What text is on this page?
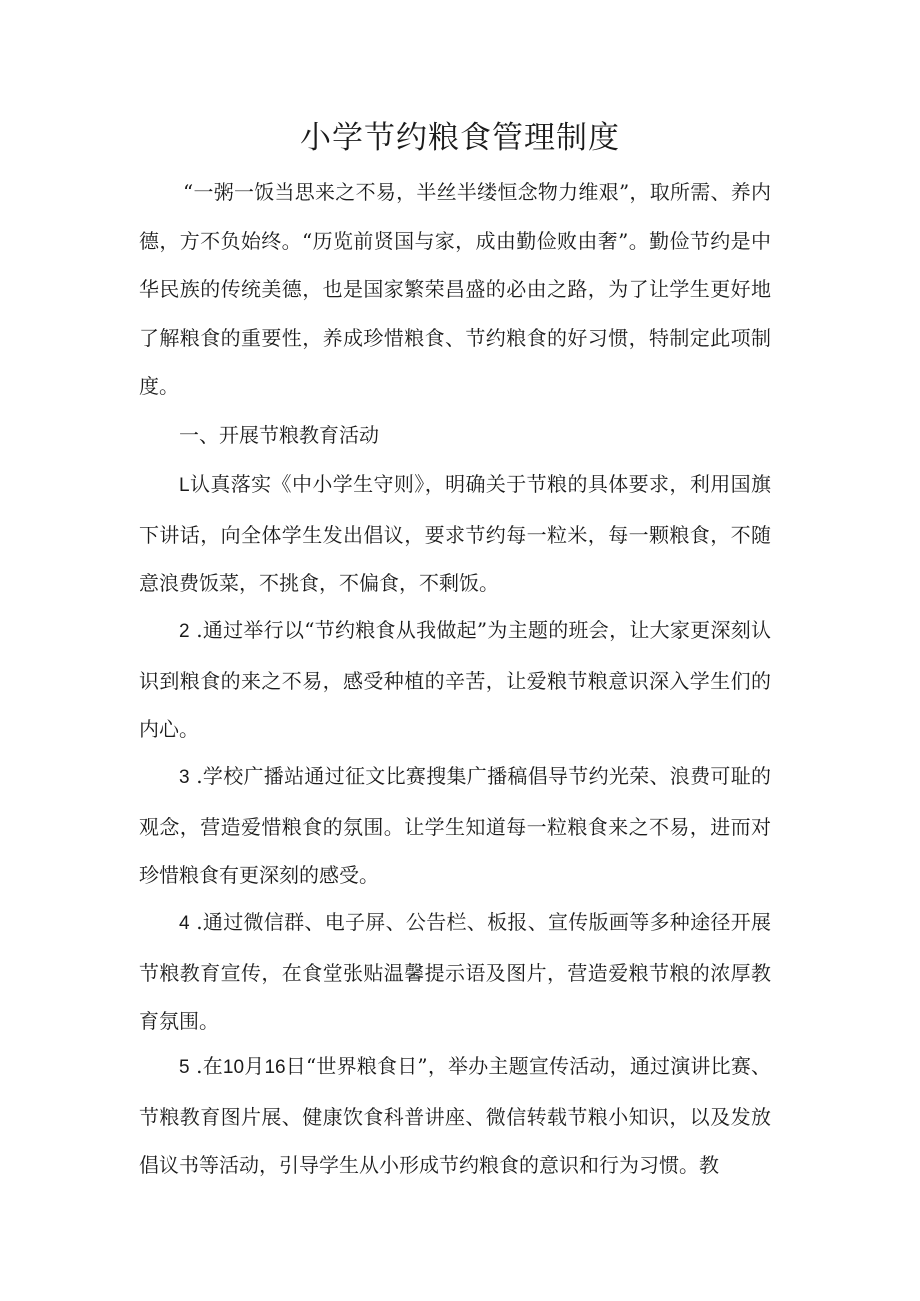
小学节约粮食管理制度

“一粥一饭当思来之不易，半丝半缕恒念物力维艰”，取所需、养内德，方不负始终。“历览前贤国与家，成由勤俭败由奢”。勤俭节约是中华民族的传统美德，也是国家繁荣昌盛的必由之路，为了让学生更好地了解粮食的重要性，养成珍惜粮食、节约粮食的好习惯，特制定此项制度。

一、开展节粮教育活动

L认真落实《中小学生守则》，明确关于节粮的具体要求，利用国旗下讲话，向全体学生发出倡议，要求节约每一粒米，每一颗粮食，不随意浪费饭菜，不挑食，不偏食，不剩饭。

2 .通过举行以“节约粮食从我做起”为主题的班会，让大家更深刻认识到粮食的来之不易，感受种植的辛苦，让爱粮节粮意识深入学生们的内心。

3 .学校广播站通过征文比赛搜集广播稿倡导节约光荣、浪费可耻的观念，营造爱惜粮食的氛围。让学生知道每一粒粮食来之不易，进而对珍惜粮食有更深刻的感受。

4 .通过微信群、电子屏、公告栏、板报、宣传版画等多种途径开展节粮教育宣传，在食堂张贴温馨提示语及图片，营造爱粮节粮的浓厚教育氛围。

5 .在10月16日“世界粮食日”，举办主题宣传活动，通过演讲比赛、节粮教育图片展、健康饮食科普讲座、微信转载节粮小知识，以及发放倡议书等活动，引导学生从小形成节约粮食的意识和行为习惯。教
